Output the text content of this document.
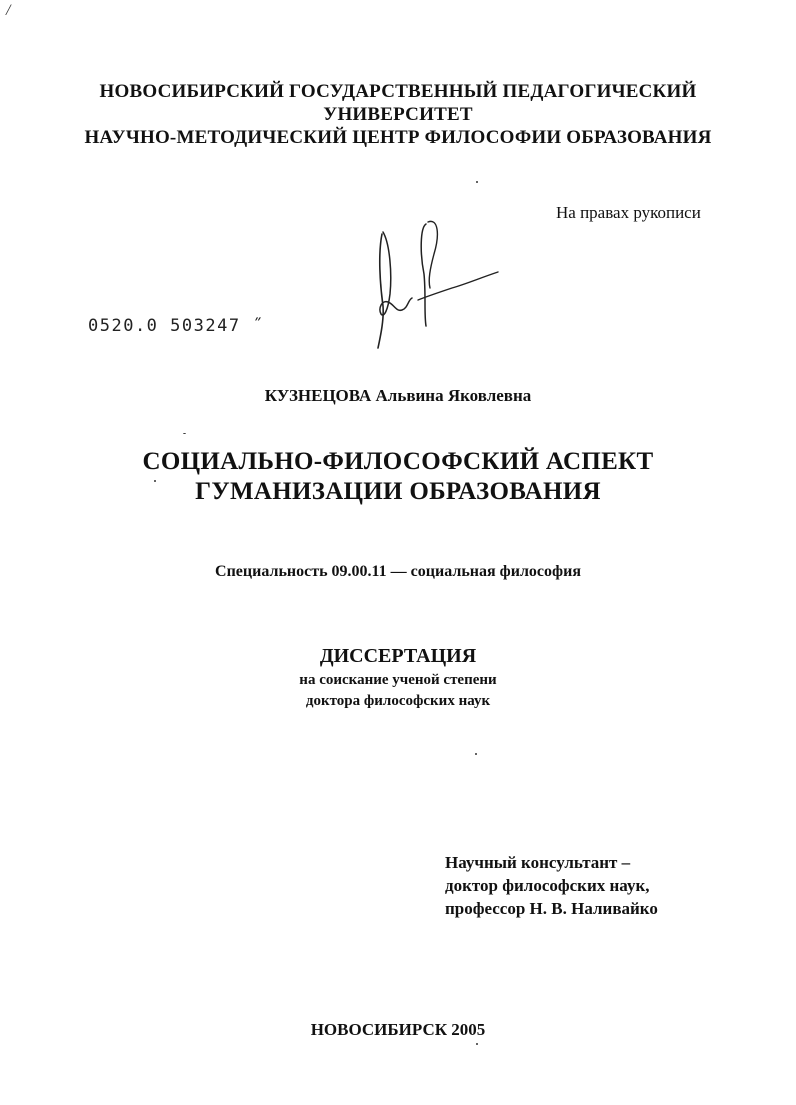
/
НОВОСИБИРСКИЙ ГОСУДАРСТВЕННЫЙ ПЕДАГОГИЧЕСКИЙ
УНИВЕРСИТЕТ
НАУЧНО-МЕТОДИЧЕСКИЙ ЦЕНТР ФИЛОСОФИИ ОБРАЗОВАНИЯ
На правах рукописи
0520.0 503247 ˝
КУЗНЕЦОВА Альвина Яковлевна
СОЦИАЛЬНО-ФИЛОСОФСКИЙ АСПЕКТ
ГУМАНИЗАЦИИ ОБРАЗОВАНИЯ
Специальность 09.00.11 — социальная философия
ДИССЕРТАЦИЯ
на соискание ученой степени
доктора философских наук
Научный консультант –
доктор философских наук,
профессор Н. В. Наливайко
НОВОСИБИРСК 2005
